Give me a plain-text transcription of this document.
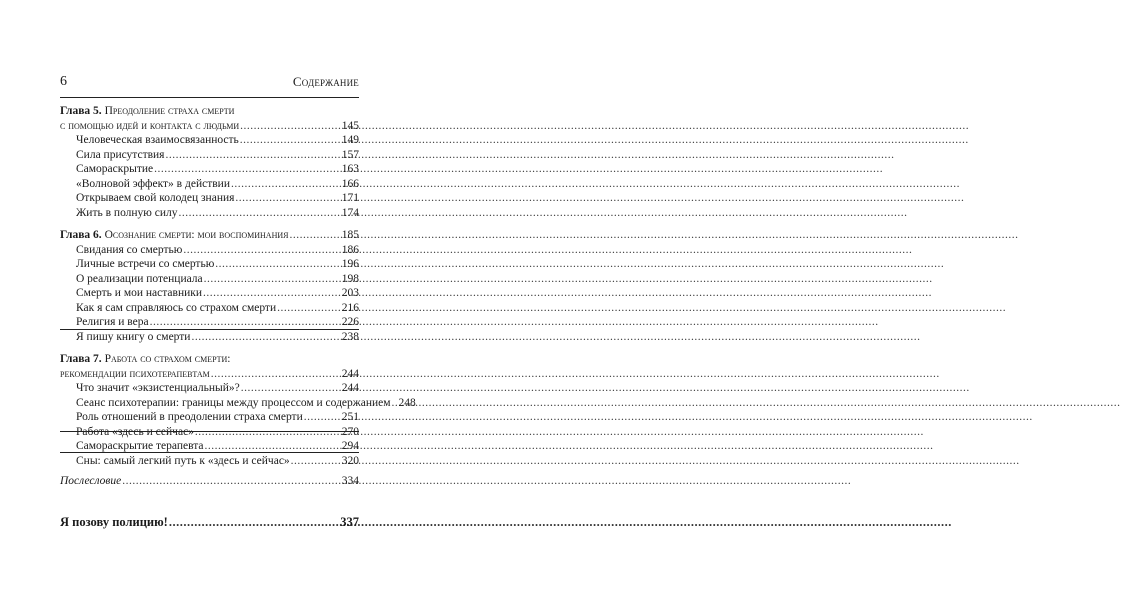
6	Содержание
Глава 5. Преодоление страха смерти
с помощью идей и контакта с людьми .....	145
Человеческая взаимосвязанность .....	149
Сила присутствия .....	157
Самораскрытие .....	163
«Волновой эффект» в действии .....	166
Открываем свой колодец знания .....	171
Жить в полную силу .....	174
Глава 6. Осознание смерти: мои воспоминания .....	185
Свидания со смертью .....	186
Личные встречи со смертью .....	196
О реализации потенциала .....	198
Смерть и мои наставники .....	203
Как я сам справляюсь со страхом смерти .....	216
Религия и вера .....	226
Я пишу книгу о смерти .....	238
Глава 7. Работа со страхом смерти:
рекомендации психотерапевтам .....	244
Что значит «экзистенциальный»? .....	244
Сеанс психотерапии: границы между процессом и содержанием ..... 248
Роль отношений в преодолении страха смерти .....	251
Работа «здесь и сейчас» .....	270
Самораскрытие терапевта .....	294
Сны: самый легкий путь к «здесь и сейчас» .....	320
Послесловие .....	334
Я позову полицию! .....	337
